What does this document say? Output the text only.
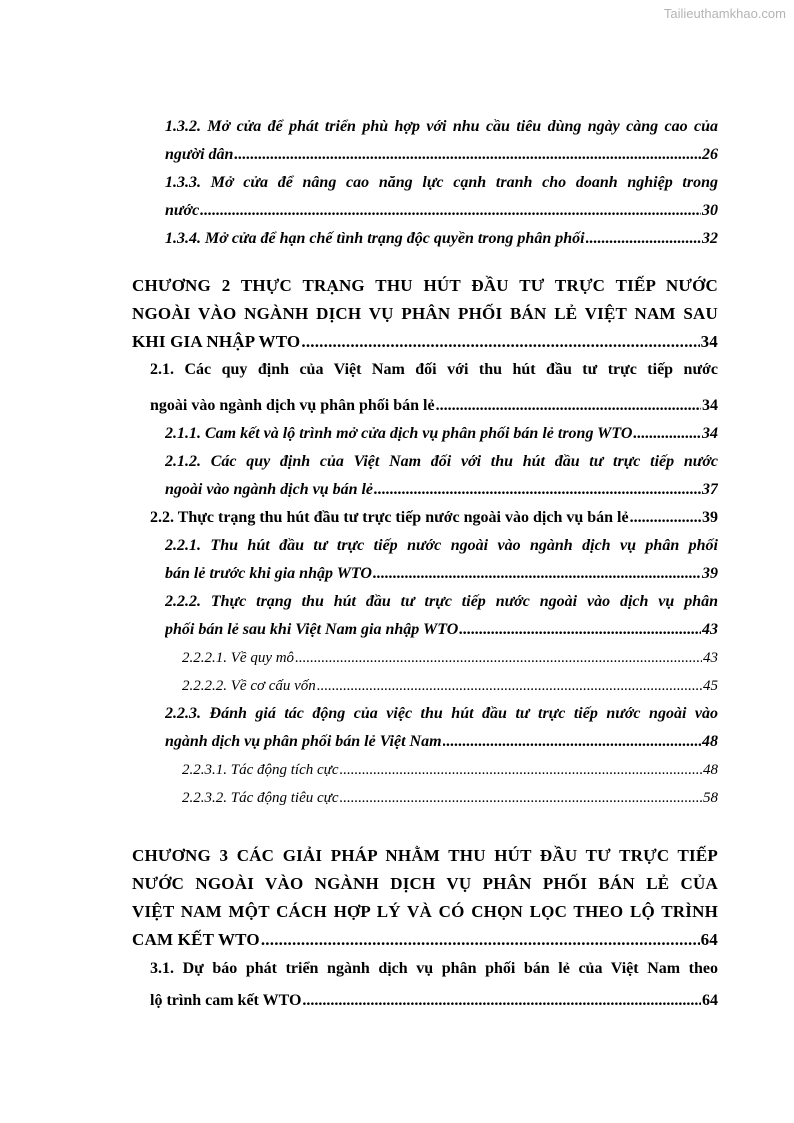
Tailieuthamkhao.com
1.3.2. Mở cửa để phát triển phù hợp với nhu cầu tiêu dùng ngày càng cao của
người dân .....	26
1.3.3. Mở cửa để nâng cao năng lực cạnh tranh cho doanh nghiệp trong
nước .....	30
1.3.4. Mở cửa để hạn chế tình trạng độc quyền trong phân phối .....	32
CHƯƠNG 2 THỰC TRẠNG THU HÚT ĐẦU TƯ TRỰC TIẾP NƯỚC
NGOÀI VÀO NGÀNH DỊCH VỤ PHÂN PHỐI BÁN LẺ VIỆT NAM SAU
KHI GIA NHẬP WTO .....	34
2.1. Các quy định của Việt Nam đối với thu hút đầu tư trực tiếp nước
ngoài vào ngành dịch vụ phân phối bán lẻ .....	34
2.1.1. Cam kết và lộ trình mở cửa dịch vụ phân phối bán lẻ trong WTO .....	34
2.1.2. Các quy định của Việt Nam đối với thu hút đầu tư trực tiếp nước
ngoài vào ngành dịch vụ bán lẻ .....	37
2.2. Thực trạng thu hút đầu tư trực tiếp nước ngoài vào dịch vụ bán lẻ .....	39
2.2.1. Thu hút đầu tư trực tiếp nước ngoài vào ngành dịch vụ phân phối
bán lẻ trước khi gia nhập WTO .....	39
2.2.2. Thực trạng thu hút đầu tư trực tiếp nước ngoài vào dịch vụ phân
phối bán lẻ sau khi Việt Nam gia nhập WTO .....	43
2.2.2.1. Về quy mô .....	43
2.2.2.2. Về cơ cấu vốn .....	45
2.2.3. Đánh giá tác động của việc thu hút đầu tư trực tiếp nước ngoài vào
ngành dịch vụ phân phối bán lẻ Việt Nam .....	48
2.2.3.1. Tác động tích cực .....	48
2.2.3.2. Tác động tiêu cực .....	58
CHƯƠNG 3 CÁC GIẢI PHÁP NHẰM THU HÚT ĐẦU TƯ TRỰC TIẾP
NƯỚC NGOÀI VÀO NGÀNH DỊCH VỤ PHÂN PHỐI BÁN LẺ CỦA
VIỆT NAM MỘT CÁCH HỢP LÝ VÀ CÓ CHỌN LỌC THEO LỘ TRÌNH
CAM KẾT WTO .....	64
3.1. Dự báo phát triển ngành dịch vụ phân phối bán lẻ của Việt Nam theo
lộ trình cam kết WTO .....	64
